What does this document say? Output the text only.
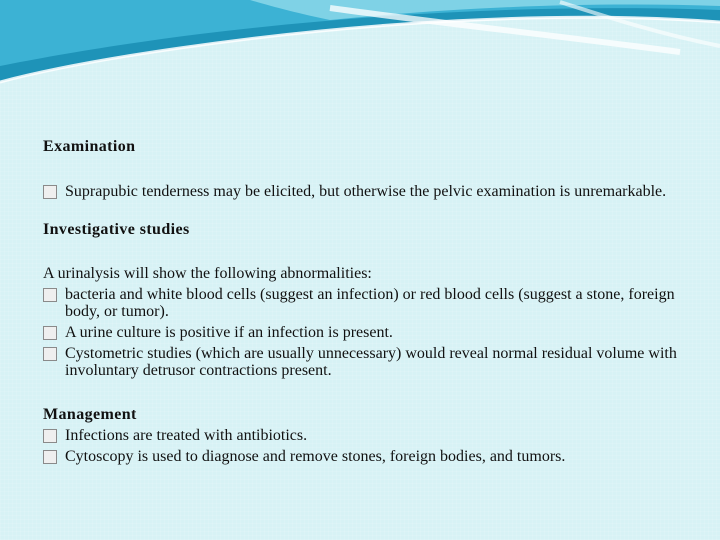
Examination

Suprapubic tenderness may be elicited, but otherwise the pelvic examination is unremarkable.

Investigative studies

A urinalysis will show the following abnormalities:

bacteria and white blood cells (suggest an infection) or red blood cells (suggest a stone, foreign body, or tumor).
A urine culture is positive if an infection is present.
Cystometric studies (which are usually unnecessary) would reveal normal residual volume with involuntary detrusor contractions present.

Management

Infections are treated with antibiotics.
Cytoscopy is used to diagnose and remove stones, foreign bodies, and tumors.
